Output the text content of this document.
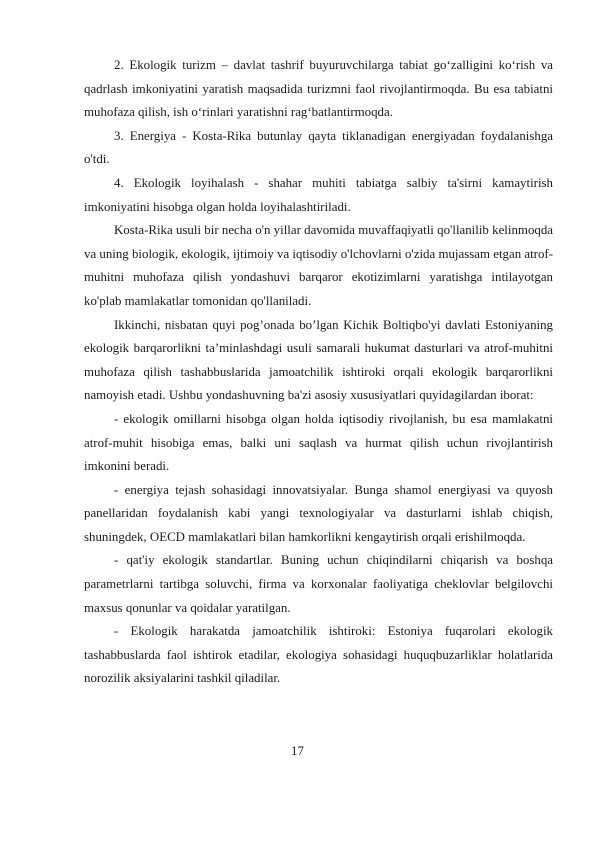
2. Ekologik turizm – davlat tashrif buyuruvchilarga tabiat go‘zalligini ko‘rish va qadrlash imkoniyatini yaratish maqsadida turizmni faol rivojlantirmoqda. Bu esa tabiatni muhofaza qilish, ish o‘rinlari yaratishni rag‘batlantirmoqda.

3. Energiya - Kosta-Rika butunlay qayta tiklanadigan energiyadan foydalanishga o'tdi.

4. Ekologik loyihalash - shahar muhiti tabiatga salbiy ta'sirni kamaytirish imkoniyatini hisobga olgan holda loyihalashtiriladi.

Kosta-Rika usuli bir necha o'n yillar davomida muvaffaqiyatli qo'llanilib kelinmoqda va uning biologik, ekologik, ijtimoiy va iqtisodiy o'lchovlarni o'zida mujassam etgan atrof-muhitni muhofaza qilish yondashuvi barqaror ekotizimlarni yaratishga intilayotgan ko'plab mamlakatlar tomonidan qo'llaniladi.

Ikkinchi, nisbatan quyi pog’onada bo’lgan Kichik Boltiqbo'yi davlati Estoniyaning ekologik barqarorlikni ta’minlashdagi usuli samarali hukumat dasturlari va atrof-muhitni muhofaza qilish tashabbuslarida jamoatchilik ishtiroki orqali ekologik barqarorlikni namoyish etadi. Ushbu yondashuvning ba'zi asosiy xususiyatlari quyidagilardan iborat:

- ekologik omillarni hisobga olgan holda iqtisodiy rivojlanish, bu esa mamlakatni atrof-muhit hisobiga emas, balki uni saqlash va hurmat qilish uchun rivojlantirish imkonini beradi.

- energiya tejash sohasidagi innovatsiyalar. Bunga shamol energiyasi va quyosh panellaridan foydalanish kabi yangi texnologiyalar va dasturlarni ishlab chiqish, shuningdek, OECD mamlakatlari bilan hamkorlikni kengaytirish orqali erishilmoqda.

- qat'iy ekologik standartlar. Buning uchun chiqindilarni chiqarish va boshqa parametrlarni tartibga soluvchi, firma va korxonalar faoliyatiga cheklovlar belgilovchi maxsus qonunlar va qoidalar yaratilgan.

- Ekologik harakatda jamoatchilik ishtiroki: Estoniya fuqarolari ekologik tashabbuslarda faol ishtirok etadilar, ekologiya sohasidagi huquqbuzarliklar holatlarida norozilik aksiyalarini tashkil qiladilar.

17
